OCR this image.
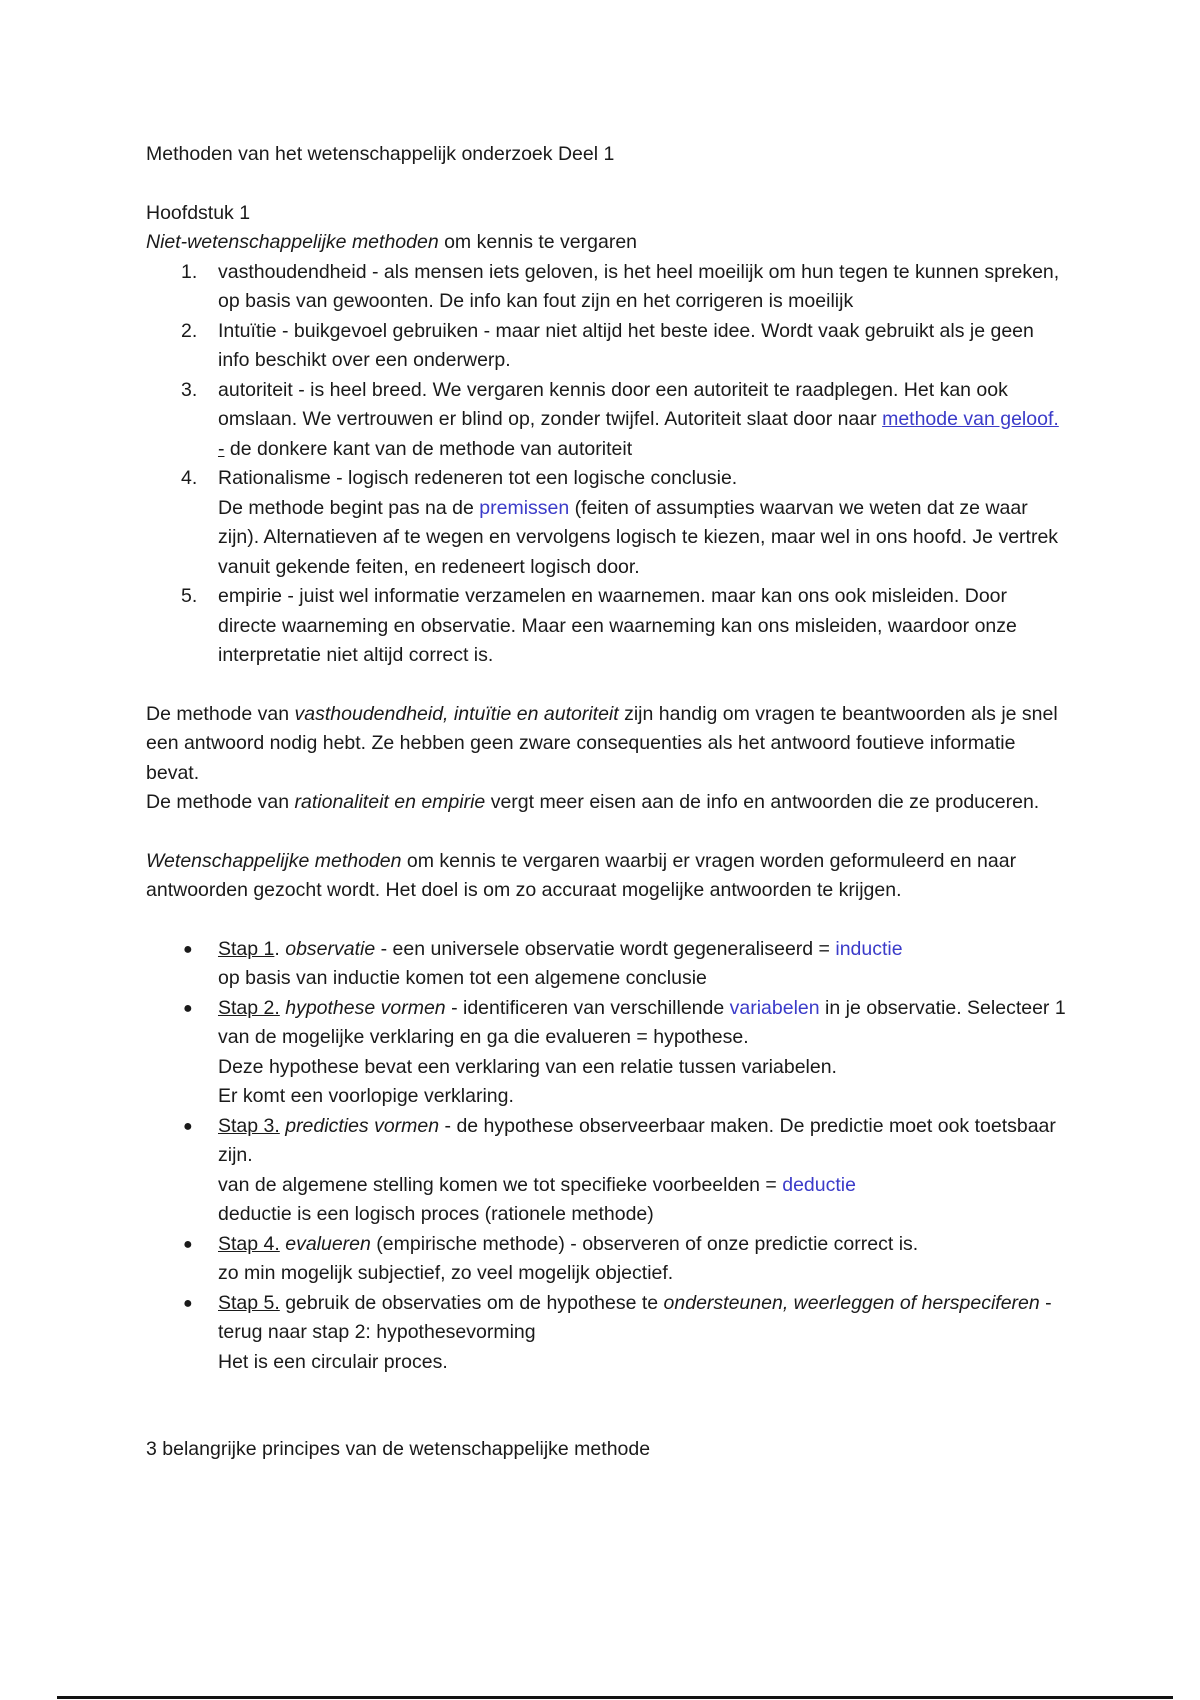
Methoden van het wetenschappelijk onderzoek Deel 1

Hoofdstuk 1

Niet-wetenschappelijke methoden om kennis te vergaren

vasthoudendheid - als mensen iets geloven, is het heel moeilijk om hun tegen te kunnen spreken, op basis van gewoonten. De info kan fout zijn en het corrigeren is moeilijk
Intuïtie - buikgevoel gebruiken - maar niet altijd het beste idee. Wordt vaak gebruikt als je geen info beschikt over een onderwerp.
autoriteit - is heel breed. We vergaren kennis door een autoriteit te raadplegen. Het kan ook omslaan. We vertrouwen er blind op, zonder twijfel. Autoriteit slaat door naar methode van geloof. - de donkere kant van de methode van autoriteit
Rationalisme - logisch redeneren tot een logische conclusie.
De methode begint pas na de premissen (feiten of assumpties waarvan we weten dat ze waar zijn). Alternatieven af te wegen en vervolgens logisch te kiezen, maar wel in ons hoofd. Je vertrek vanuit gekende feiten, en redeneert logisch door.
empirie - juist wel informatie verzamelen en waarnemen. maar kan ons ook misleiden. Door directe waarneming en observatie. Maar een waarneming kan ons misleiden, waardoor onze interpretatie niet altijd correct is.

De methode van vasthoudendheid, intuïtie en autoriteit zijn handig om vragen te beantwoorden als je snel een antwoord nodig hebt. Ze hebben geen zware consequenties als het antwoord foutieve informatie bevat.

De methode van rationaliteit en empirie vergt meer eisen aan de info en antwoorden die ze produceren.

Wetenschappelijke methoden om kennis te vergaren waarbij er vragen worden geformuleerd en naar antwoorden gezocht wordt. Het doel is om zo accuraat mogelijke antwoorden te krijgen.

● Stap 1. observatie - een universele observatie wordt gegeneraliseerd = inductie
op basis van inductie komen tot een algemene conclusie
● Stap 2. hypothese vormen - identificeren van verschillende variabelen in je observatie. Selecteer 1 van de mogelijke verklaring en ga die evalueren = hypothese.
Deze hypothese bevat een verklaring van een relatie tussen variabelen.
Er komt een voorlopige verklaring.
● Stap 3. predicties vormen - de hypothese observeerbaar maken. De predictie moet ook toetsbaar zijn.
van de algemene stelling komen we tot specifieke voorbeelden = deductie
deductie is een logisch proces (rationele methode)
● Stap 4. evalueren (empirische methode) - observeren of onze predictie correct is.
zo min mogelijk subjectief, zo veel mogelijk objectief.
● Stap 5. gebruik de observaties om de hypothese te ondersteunen, weerleggen of herspeciferen - terug naar stap 2: hypothesevorming
Het is een circulair proces.

3 belangrijke principes van de wetenschappelijke methode
